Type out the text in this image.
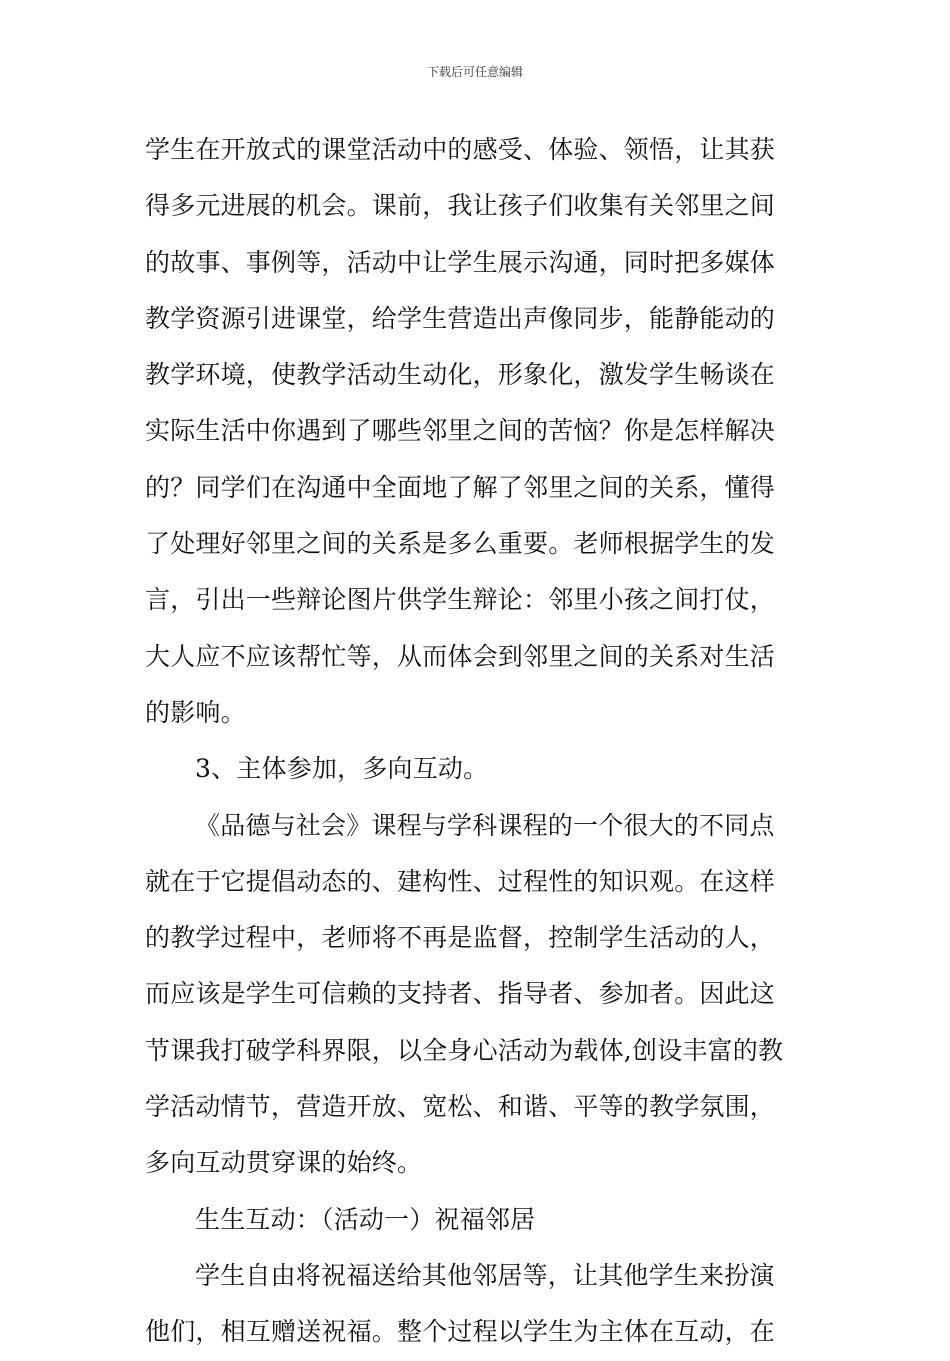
下载后可任意编辑
学生在开放式的课堂活动中的感受、体验、领悟，让其获
得多元进展的机会。课前，我让孩子们收集有关邻里之间
的故事、事例等，活动中让学生展示沟通，同时把多媒体
教学资源引进课堂，给学生营造出声像同步，能静能动的
教学环境，使教学活动生动化，形象化，激发学生畅谈在
实际生活中你遇到了哪些邻里之间的苦恼？你是怎样解决
的？同学们在沟通中全面地了解了邻里之间的关系，懂得
了处理好邻里之间的关系是多么重要。老师根据学生的发
言，引出一些辩论图片供学生辩论：邻里小孩之间打仗，
大人应不应该帮忙等，从而体会到邻里之间的关系对生活
的影响。
3、主体参加，多向互动。
《品德与社会》课程与学科课程的一个很大的不同点
就在于它提倡动态的、建构性、过程性的知识观。在这样
的教学过程中，老师将不再是监督，控制学生活动的人，
而应该是学生可信赖的支持者、指导者、参加者。因此这
节课我打破学科界限，以全身心活动为载体,创设丰富的教
学活动情节，营造开放、宽松、和谐、平等的教学氛围，
多向互动贯穿课的始终。
生生互动：（活动一）祝福邻居
学生自由将祝福送给其他邻居等，让其他学生来扮演
他们，相互赠送祝福。整个过程以学生为主体在互动，在
